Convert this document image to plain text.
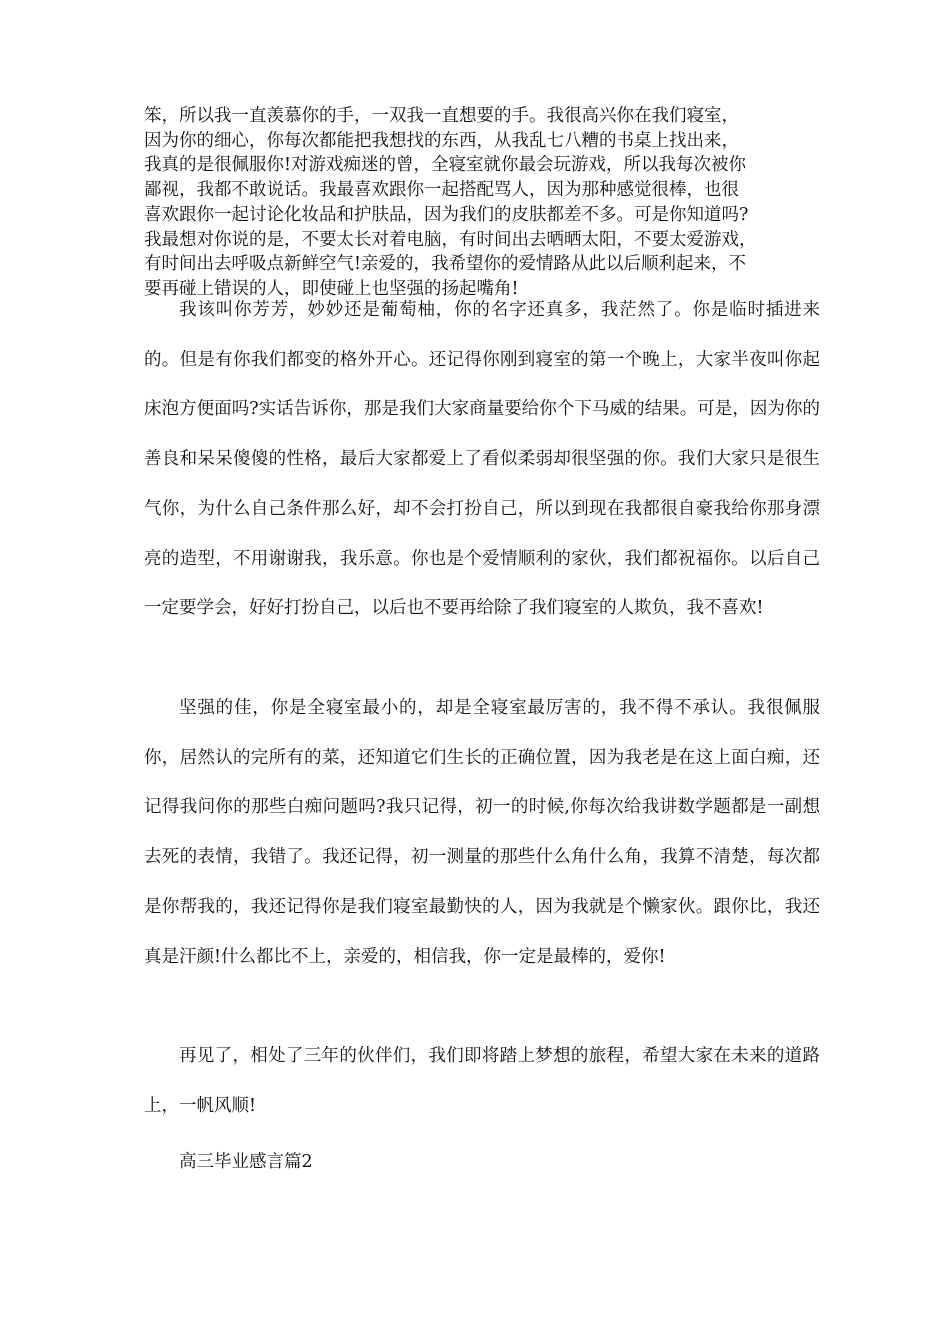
笨，所以我一直羡慕你的手，一双我一直想要的手。我很高兴你在我们寝室，
因为你的细心，你每次都能把我想找的东西，从我乱七八糟的书桌上找出来，
我真的是很佩服你!对游戏痴迷的曾，全寝室就你最会玩游戏，所以我每次被你
鄙视，我都不敢说话。我最喜欢跟你一起搭配骂人，因为那种感觉很棒，也很
喜欢跟你一起讨论化妆品和护肤品，因为我们的皮肤都差不多。可是你知道吗?
我最想对你说的是，不要太长对着电脑，有时间出去晒晒太阳，不要太爱游戏，
有时间出去呼吸点新鲜空气!亲爱的，我希望你的爱情路从此以后顺利起来，不
要再碰上错误的人，即使碰上也坚强的扬起嘴角!

我该叫你芳芳，妙妙还是葡萄柚，你的名字还真多，我茫然了。你是临时插进来的。但是有你我们都变的格外开心。还记得你刚到寝室的第一个晚上，大家半夜叫你起床泡方便面吗?实话告诉你，那是我们大家商量要给你个下马威的结果。可是，因为你的善良和呆呆傻傻的性格，最后大家都爱上了看似柔弱却很坚强的你。我们大家只是很生气你，为什么自己条件那么好，却不会打扮自己，所以到现在我都很自豪我给你那身漂亮的造型，不用谢谢我，我乐意。你也是个爱情顺利的家伙，我们都祝福你。以后自己一定要学会，好好打扮自己，以后也不要再给除了我们寝室的人欺负，我不喜欢!

坚强的佳，你是全寝室最小的，却是全寝室最厉害的，我不得不承认。我很佩服你，居然认的完所有的菜，还知道它们生长的正确位置，因为我老是在这上面白痴，还记得我问你的那些白痴问题吗?我只记得，初一的时候,你每次给我讲数学题都是一副想去死的表情，我错了。我还记得，初一测量的那些什么角什么角，我算不清楚，每次都是你帮我的，我还记得你是我们寝室最勤快的人，因为我就是个懒家伙。跟你比，我还真是汗颜!什么都比不上，亲爱的，相信我，你一定是最棒的，爱你!

再见了，相处了三年的伙伴们，我们即将踏上梦想的旅程，希望大家在未来的道路上，一帆风顺!

高三毕业感言篇2
